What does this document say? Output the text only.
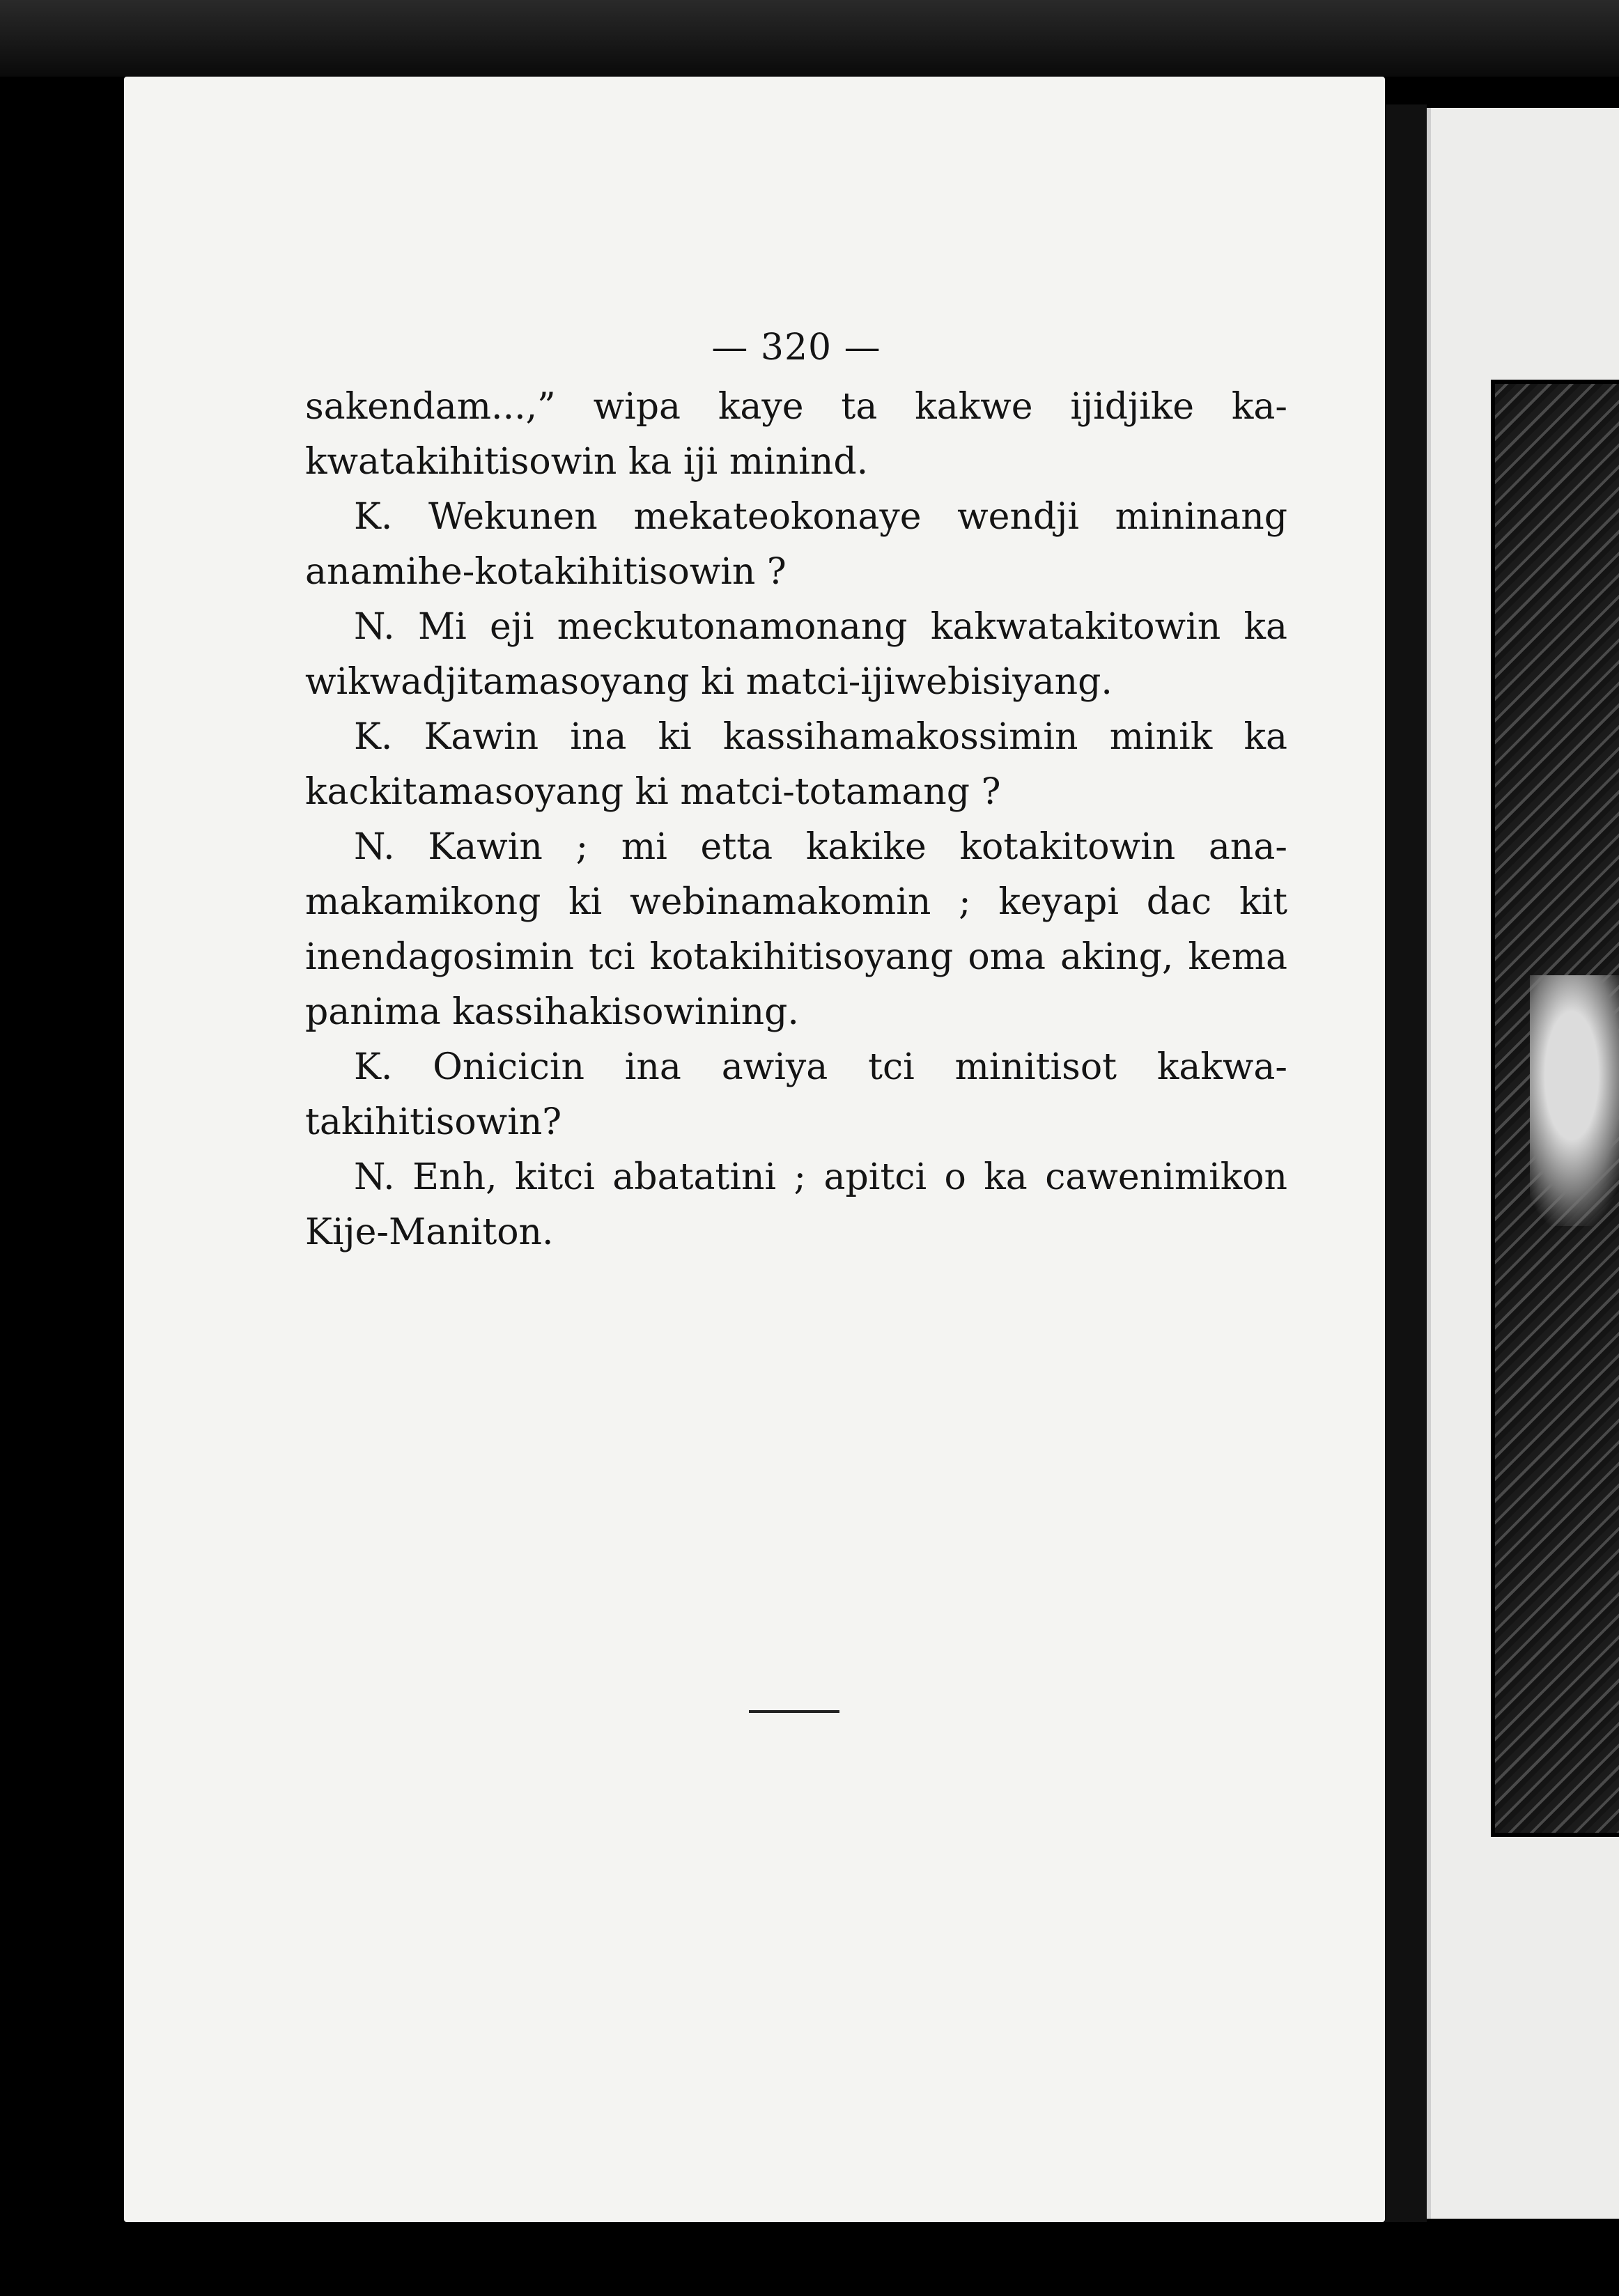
— 320 —

sakendam...,” wipa kaye ta kakwe ijidjike kakwatakihitisowin ka iji minind.

K. Wekunen mekateokonaye wendji mininang anamihe-kotakihitisowin ?

N. Mi eji meckutonamonang kakwatakitowin ka wikwadjitamasoyang ki matci-ijiwebisiyang.

K. Kawin ina ki kassihamakossimin minik ka kackitamasoyang ki matci-totamang ?

N. Kawin ; mi etta kakike kotakitowin anamakamikong ki webinamakomin ; keyapi dac kit inendagosimin tci kotakihitisoyang oma aking, kema panima kassihakisowining.

K. Onicicin ina awiya tci minitisot kakwatakihitisowin?

N. Enh, kitci abatatini ; apitci o ka cawenimikon Kije-Maniton.
